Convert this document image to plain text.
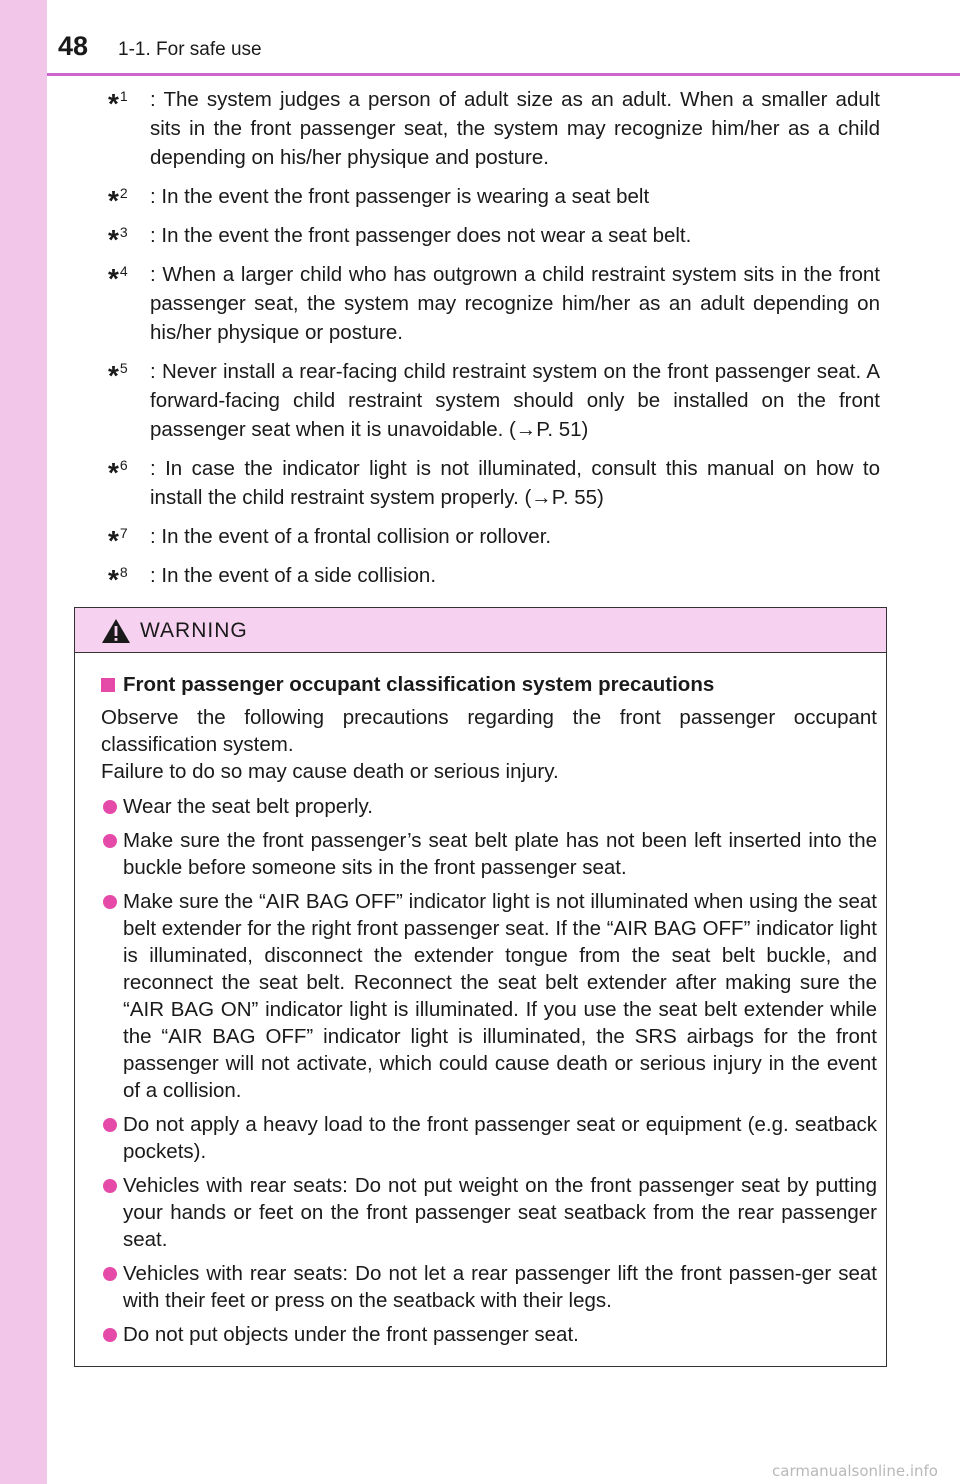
48 1-1. For safe use
*$^1$ : The system judges a person of adult size as an adult. When a smaller adult sits in the front passenger seat, the system may recognize him/her as a child depending on his/her physique and posture.
*$^2$ : In the event the front passenger is wearing a seat belt
*$^3$ : In the event the front passenger does not wear a seat belt.
*$^4$ : When a larger child who has outgrown a child restraint system sits in the front passenger seat, the system may recognize him/her as an adult depending on his/her physique or posture.
*$^5$ : Never install a rear-facing child restraint system on the front passenger seat. A forward-facing child restraint system should only be installed on the front passenger seat when it is unavoidable. (→P. 51)
*$^6$ : In case the indicator light is not illuminated, consult this manual on how to install the child restraint system properly. (→P. 55)
*$^7$ : In the event of a frontal collision or rollover.
*$^8$ : In the event of a side collision.
WARNING
Front passenger occupant classification system precautions

Observe the following precautions regarding the front passenger occupant classification system.

Failure to do so may cause death or serious injury.

Wear the seat belt properly.
Make sure the front passenger’s seat belt plate has not been left inserted into the buckle before someone sits in the front passenger seat.
Make sure the “AIR BAG OFF” indicator light is not illuminated when using the seat belt extender for the right front passenger seat. If the “AIR BAG OFF” indicator light is illuminated, disconnect the extender tongue from the seat belt buckle, and reconnect the seat belt. Reconnect the seat belt extender after making sure the “AIR BAG ON” indicator light is illuminated. If you use the seat belt extender while the “AIR BAG OFF” indicator light is illuminated, the SRS airbags for the front passenger will not activate, which could cause death or serious injury in the event of a collision.
Do not apply a heavy load to the front passenger seat or equipment (e.g. seatback pockets).
Vehicles with rear seats: Do not put weight on the front passenger seat by putting your hands or feet on the front passenger seat seatback from the rear passenger seat.
Vehicles with rear seats: Do not let a rear passenger lift the front passen-ger seat with their feet or press on the seatback with their legs.
Do not put objects under the front passenger seat.
carmanualsonline.info
